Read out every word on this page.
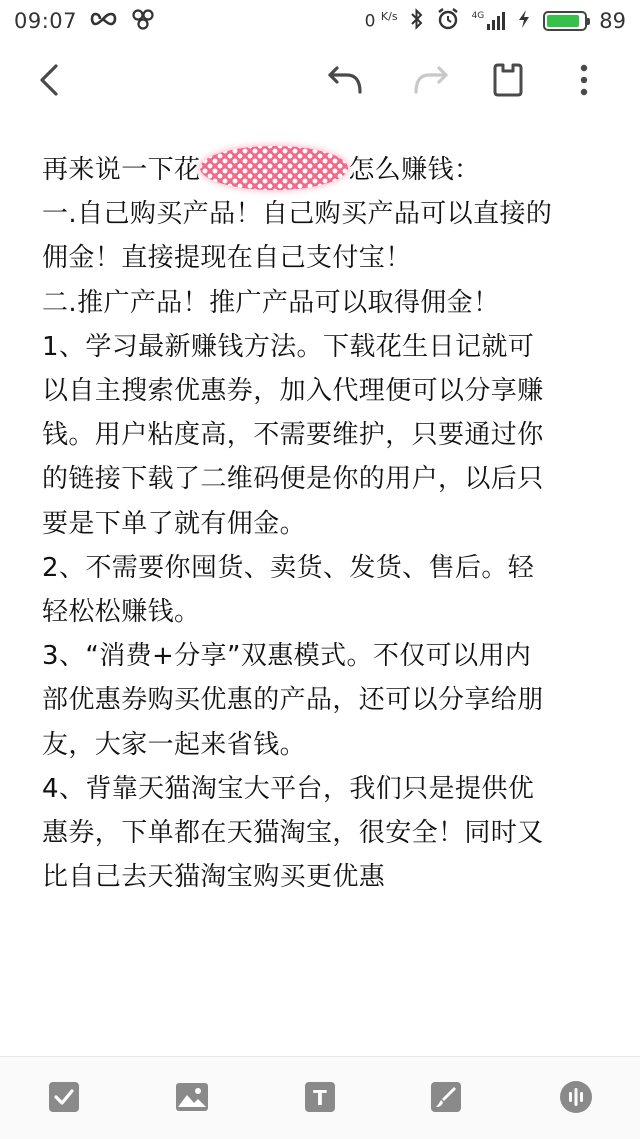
09:07	0 $^{K/s}$	4G	89
再来说一下花	怎么赚钱：
一.自己购买产品！自己购买产品可以直接的
佣金！直接提现在自己支付宝！
二.推广产品！推广产品可以取得佣金！
1、学习最新赚钱方法。下载花生日记就可
以自主搜索优惠券，加入代理便可以分享赚
钱。用户粘度高，不需要维护，只要通过你
的链接下载了二维码便是你的用户，以后只
要是下单了就有佣金。
2、不需要你囤货、卖货、发货、售后。轻
轻松松赚钱。
3、“消费+分享”双惠模式。不仅可以用内
部优惠券购买优惠的产品，还可以分享给朋
友，大家一起来省钱。
4、背靠天猫淘宝大平台，我们只是提供优
惠券，下单都在天猫淘宝，很安全！同时又
比自己去天猫淘宝购买更优惠
T
